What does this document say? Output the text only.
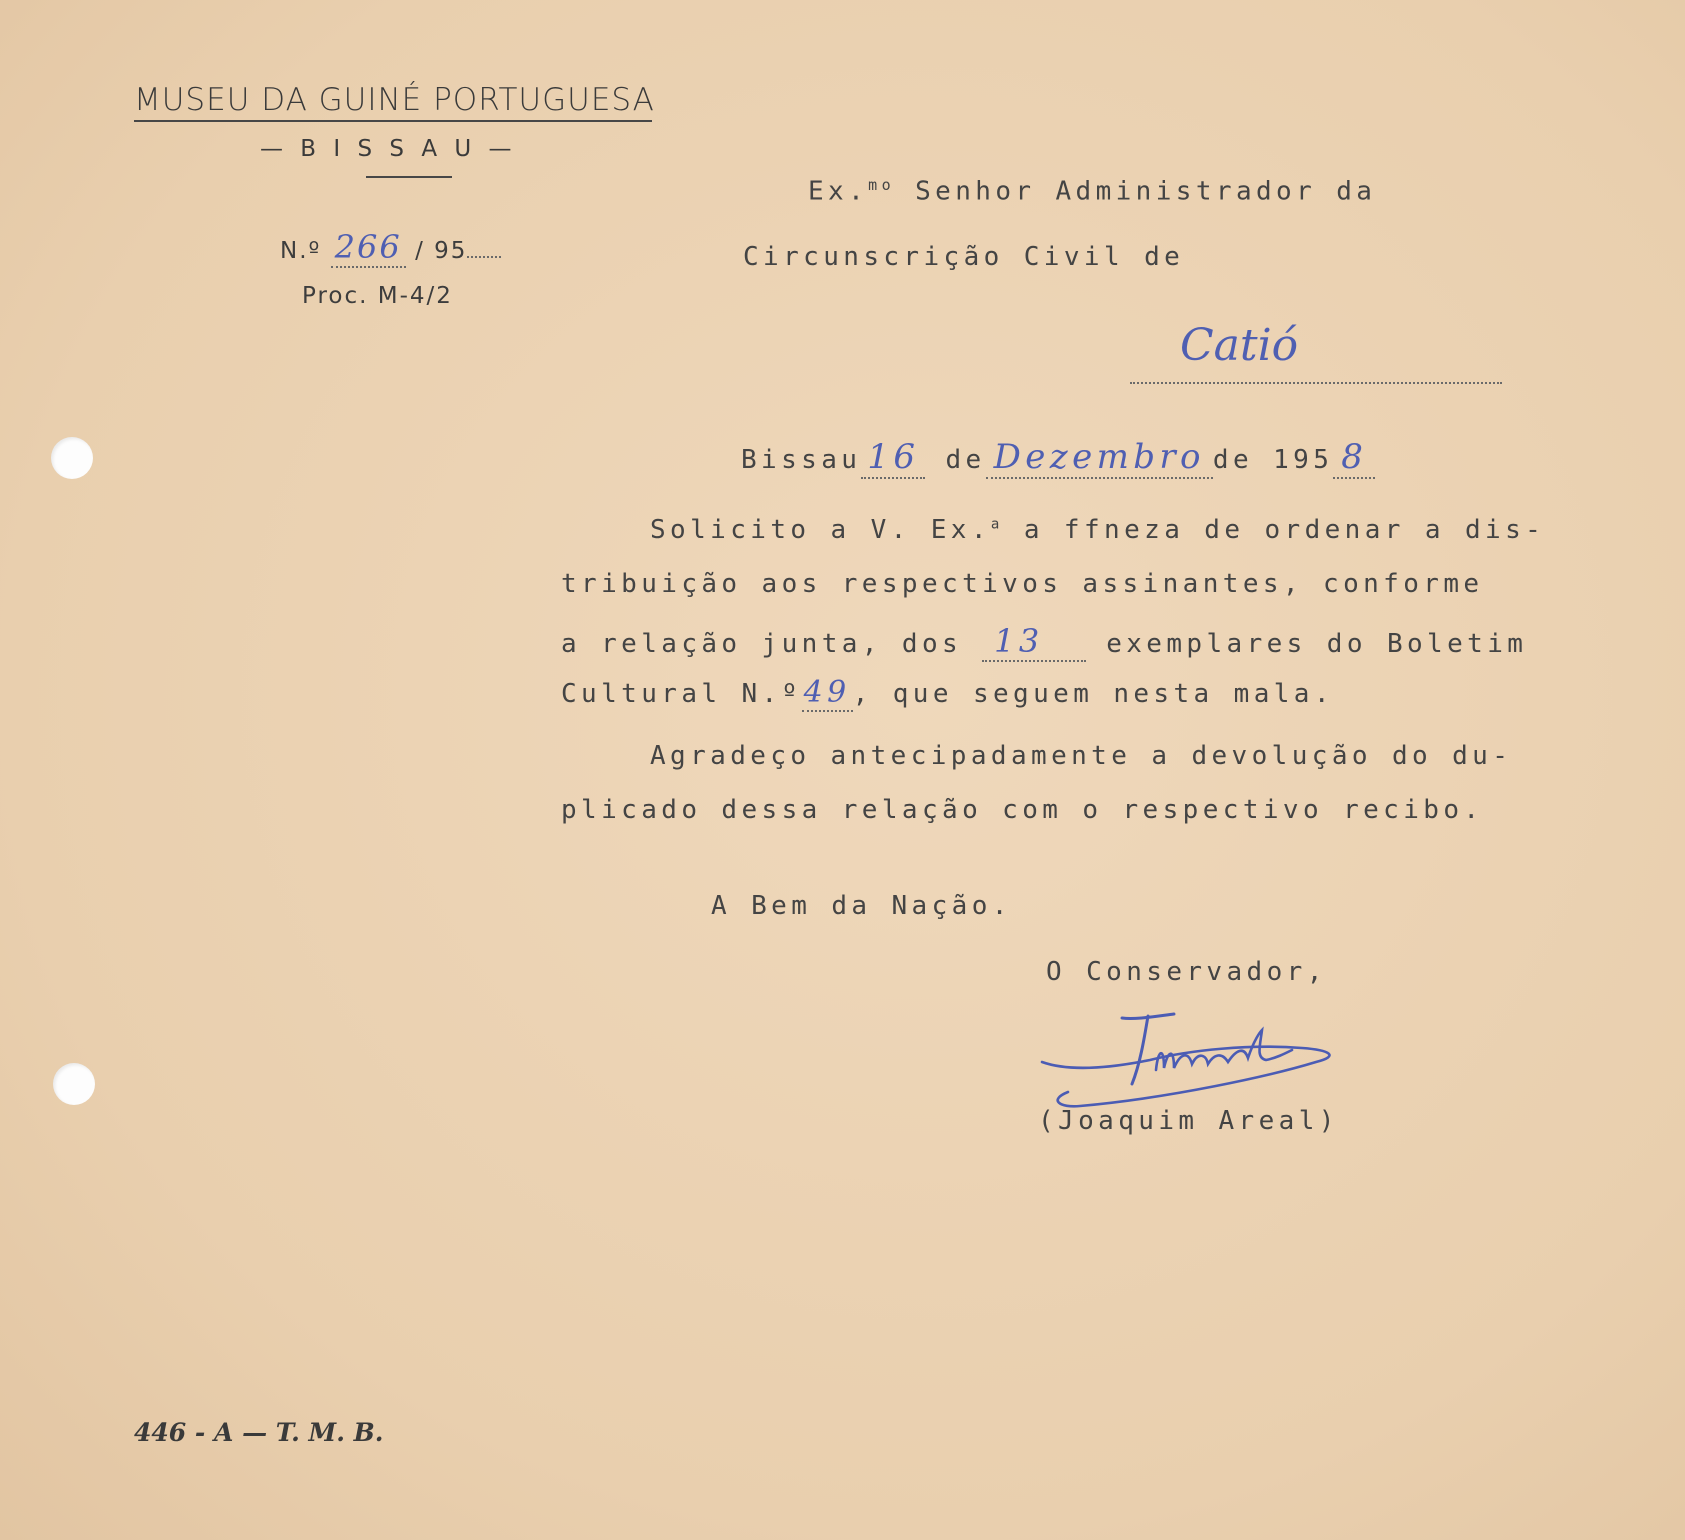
MUSEU DA GUINÉ PORTUGUESA
— B I S S A U —
N.º 266 / 95
Proc. M-4/2
Ex.$^{mo}$ Senhor Administrador da
Circunscrição Civil de
Catió
Bissau 16 de Dezembro de 195 8
Solicito a V. Ex.$^a$ a ffneza de ordenar a dis-
tribuição aos respectivos assinantes, conforme
a relação junta, dos 13 exemplares do Boletim
Cultural N.º49, que seguem nesta mala.
Agradeço antecipadamente a devolução do du-
plicado dessa relação com o respectivo recibo.
A Bem da Nação.
O Conservador,
(Joaquim Areal)
446 - A — T. M. B.
